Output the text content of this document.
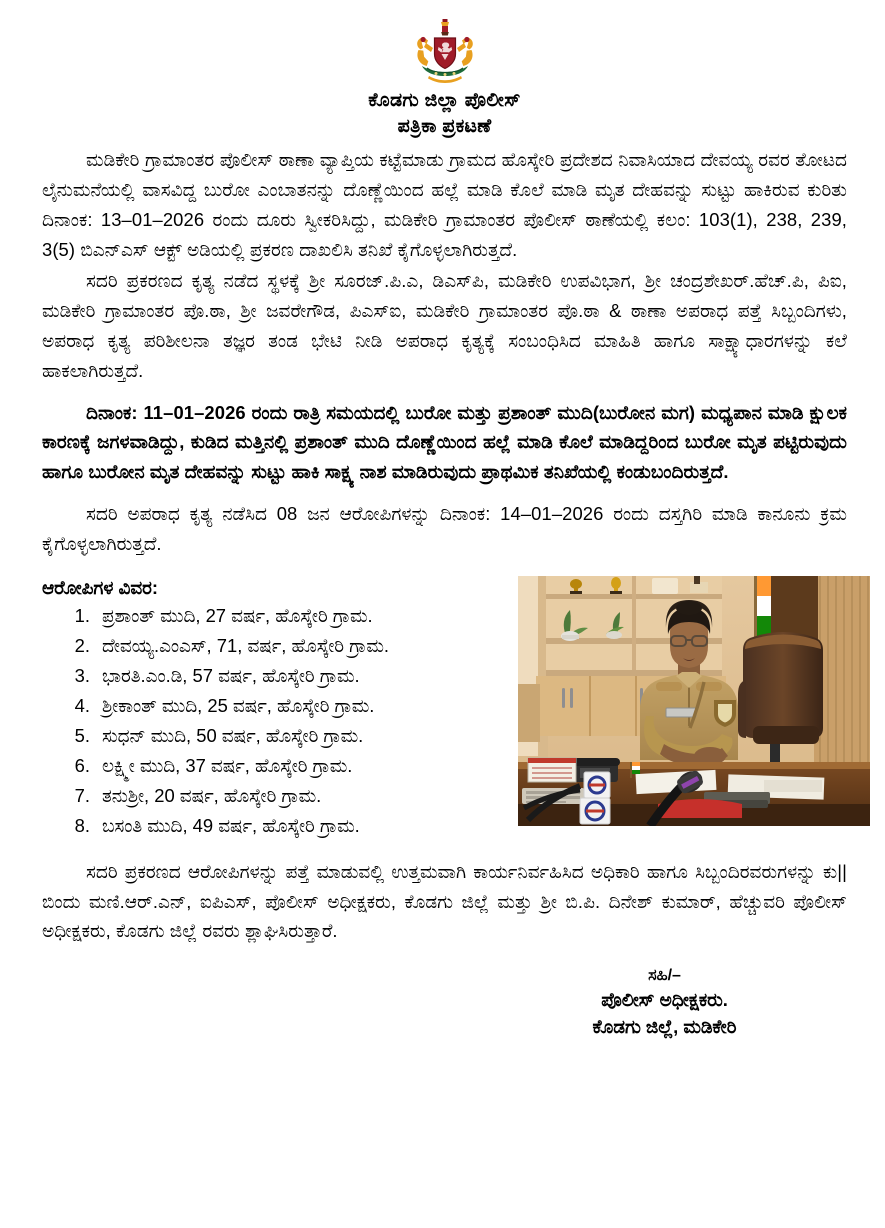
ಕೊಡಗು ಜಿಲ್ಲಾ ಪೊಲೀಸ್
ಪತ್ರಿಕಾ ಪ್ರಕಟಣೆ

ಮಡಿಕೇರಿ ಗ್ರಾಮಾಂತರ ಪೊಲೀಸ್ ಠಾಣಾ ವ್ಯಾಪ್ತಿಯ ಕಟ್ಟೆಮಾಡು ಗ್ರಾಮದ ಹೊಸ್ಕೇರಿ ಪ್ರದೇಶದ ನಿವಾಸಿಯಾದ ದೇವಯ್ಯ ರವರ ತೋಟದ ಲೈನುಮನೆಯಲ್ಲಿ ವಾಸವಿದ್ದ ಬುರೋ ಎಂಬಾತನನ್ನು ದೊಣ್ಣೆಯಿಂದ ಹಲ್ಲೆ ಮಾಡಿ ಕೊಲೆ ಮಾಡಿ ಮೃತ ದೇಹವನ್ನು ಸುಟ್ಟು ಹಾಕಿರುವ ಕುರಿತು ದಿನಾಂಕ: 13–01–2026 ರಂದು ದೂರು ಸ್ವೀಕರಿಸಿದ್ದು, ಮಡಿಕೇರಿ ಗ್ರಾಮಾಂತರ ಪೊಲೀಸ್ ಠಾಣೆಯಲ್ಲಿ ಕಲಂ: 103(1), 238, 239, 3(5) ಬಿಎನ್‌ಎಸ್ ಆಕ್ಟ್ ಅಡಿಯಲ್ಲಿ ಪ್ರಕರಣ ದಾಖಲಿಸಿ ತನಿಖೆ ಕೈಗೊಳ್ಳಲಾಗಿರುತ್ತದೆ.

ಸದರಿ ಪ್ರಕರಣದ ಕೃತ್ಯ ನಡೆದ ಸ್ಥಳಕ್ಕೆ ಶ್ರೀ ಸೂರಜ್.ಪಿ.ಎ, ಡಿಎಸ್‌ಪಿ, ಮಡಿಕೇರಿ ಉಪವಿಭಾಗ, ಶ್ರೀ ಚಂದ್ರಶೇಖರ್.ಹೆಚ್.ಪಿ, ಪಿಐ, ಮಡಿಕೇರಿ ಗ್ರಾಮಾಂತರ ಪೊ.ಠಾ, ಶ್ರೀ ಜವರೇಗೌಡ, ಪಿಎಸ್‌ಐ, ಮಡಿಕೇರಿ ಗ್ರಾಮಾಂತರ ಪೊ.ಠಾ & ಠಾಣಾ ಅಪರಾಧ ಪತ್ತೆ ಸಿಬ್ಬಂದಿಗಳು, ಅಪರಾಧ ಕೃತ್ಯ ಪರಿಶೀಲನಾ ತಜ್ಞರ ತಂಡ ಭೇಟಿ ನೀಡಿ ಅಪರಾಧ ಕೃತ್ಯಕ್ಕೆ ಸಂಬಂಧಿಸಿದ ಮಾಹಿತಿ ಹಾಗೂ ಸಾಕ್ಷ್ಯಾಧಾರಗಳನ್ನು ಕಲೆ ಹಾಕಲಾಗಿರುತ್ತದೆ.

ದಿನಾಂಕ: 11–01–2026 ರಂದು ರಾತ್ರಿ ಸಮಯದಲ್ಲಿ ಬುರೋ ಮತ್ತು ಪ್ರಶಾಂತ್ ಮುದಿ(ಬುರೋನ ಮಗ) ಮಧ್ಯಪಾನ ಮಾಡಿ ಕ್ಷುಲಕ ಕಾರಣಕ್ಕೆ ಜಗಳವಾಡಿದ್ದು, ಕುಡಿದ ಮತ್ತಿನಲ್ಲಿ ಪ್ರಶಾಂತ್ ಮುದಿ ದೊಣ್ಣೆಯಿಂದ ಹಲ್ಲೆ ಮಾಡಿ ಕೊಲೆ ಮಾಡಿದ್ದರಿಂದ ಬುರೋ ಮೃತ ಪಟ್ಟಿರುವುದು ಹಾಗೂ ಬುರೋನ ಮೃತ ದೇಹವನ್ನು ಸುಟ್ಟು ಹಾಕಿ ಸಾಕ್ಷ್ಯ ನಾಶ ಮಾಡಿರುವುದು ಪ್ರಾಥಮಿಕ ತನಿಖೆಯಲ್ಲಿ ಕಂಡುಬಂದಿರುತ್ತದೆ.

ಸದರಿ ಅಪರಾಧ ಕೃತ್ಯ ನಡೆಸಿದ 08 ಜನ ಆರೋಪಿಗಳನ್ನು ದಿನಾಂಕ: 14–01–2026 ರಂದು ದಸ್ತಗಿರಿ ಮಾಡಿ ಕಾನೂನು ಕ್ರಮ ಕೈಗೊಳ್ಳಲಾಗಿರುತ್ತದೆ.

ಆರೋಪಿಗಳ ವಿವರ:
1. ಪ್ರಶಾಂತ್ ಮುದಿ, 27 ವರ್ಷ, ಹೊಸ್ಕೇರಿ ಗ್ರಾಮ.
2. ದೇವಯ್ಯ.ಎಂಎಸ್, 71, ವರ್ಷ, ಹೊಸ್ಕೇರಿ ಗ್ರಾಮ.
3. ಭಾರತಿ.ಎಂ.ಡಿ, 57 ವರ್ಷ, ಹೊಸ್ಕೇರಿ ಗ್ರಾಮ.
4. ಶ್ರೀಕಾಂತ್ ಮುದಿ, 25 ವರ್ಷ, ಹೊಸ್ಕೇರಿ ಗ್ರಾಮ.
5. ಸುಧನ್ ಮುದಿ, 50 ವರ್ಷ, ಹೊಸ್ಕೇರಿ ಗ್ರಾಮ.
6. ಲಕ್ಷ್ಮೀ ಮುದಿ, 37 ವರ್ಷ, ಹೊಸ್ಕೇರಿ ಗ್ರಾಮ.
7. ತನುಶ್ರೀ, 20 ವರ್ಷ, ಹೊಸ್ಕೇರಿ ಗ್ರಾಮ.
8. ಬಸಂತಿ ಮುದಿ, 49 ವರ್ಷ, ಹೊಸ್ಕೇರಿ ಗ್ರಾಮ.

ಸದರಿ ಪ್ರಕರಣದ ಆರೋಪಿಗಳನ್ನು ಪತ್ತೆ ಮಾಡುವಲ್ಲಿ ಉತ್ತಮವಾಗಿ ಕಾರ್ಯನಿರ್ವಹಿಸಿದ ಅಧಿಕಾರಿ ಹಾಗೂ ಸಿಬ್ಬಂದಿರವರುಗಳನ್ನು ಕು|| ಬಿಂದು ಮಣಿ.ಆರ್.ಎನ್, ಐಪಿಎಸ್, ಪೊಲೀಸ್ ಅಧೀಕ್ಷಕರು, ಕೊಡಗು ಜಿಲ್ಲೆ ಮತ್ತು ಶ್ರೀ ಬಿ.ಪಿ. ದಿನೇಶ್ ಕುಮಾರ್, ಹೆಚ್ಚುವರಿ ಪೊಲೀಸ್ ಅಧೀಕ್ಷಕರು, ಕೊಡಗು ಜಿಲ್ಲೆ ರವರು ಶ್ಲಾಘಿಸಿರುತ್ತಾರೆ.

ಸಹಿ/–
ಪೊಲೀಸ್ ಅಧೀಕ್ಷಕರು.
ಕೊಡಗು ಜಿಲ್ಲೆ, ಮಡಿಕೇರಿ
